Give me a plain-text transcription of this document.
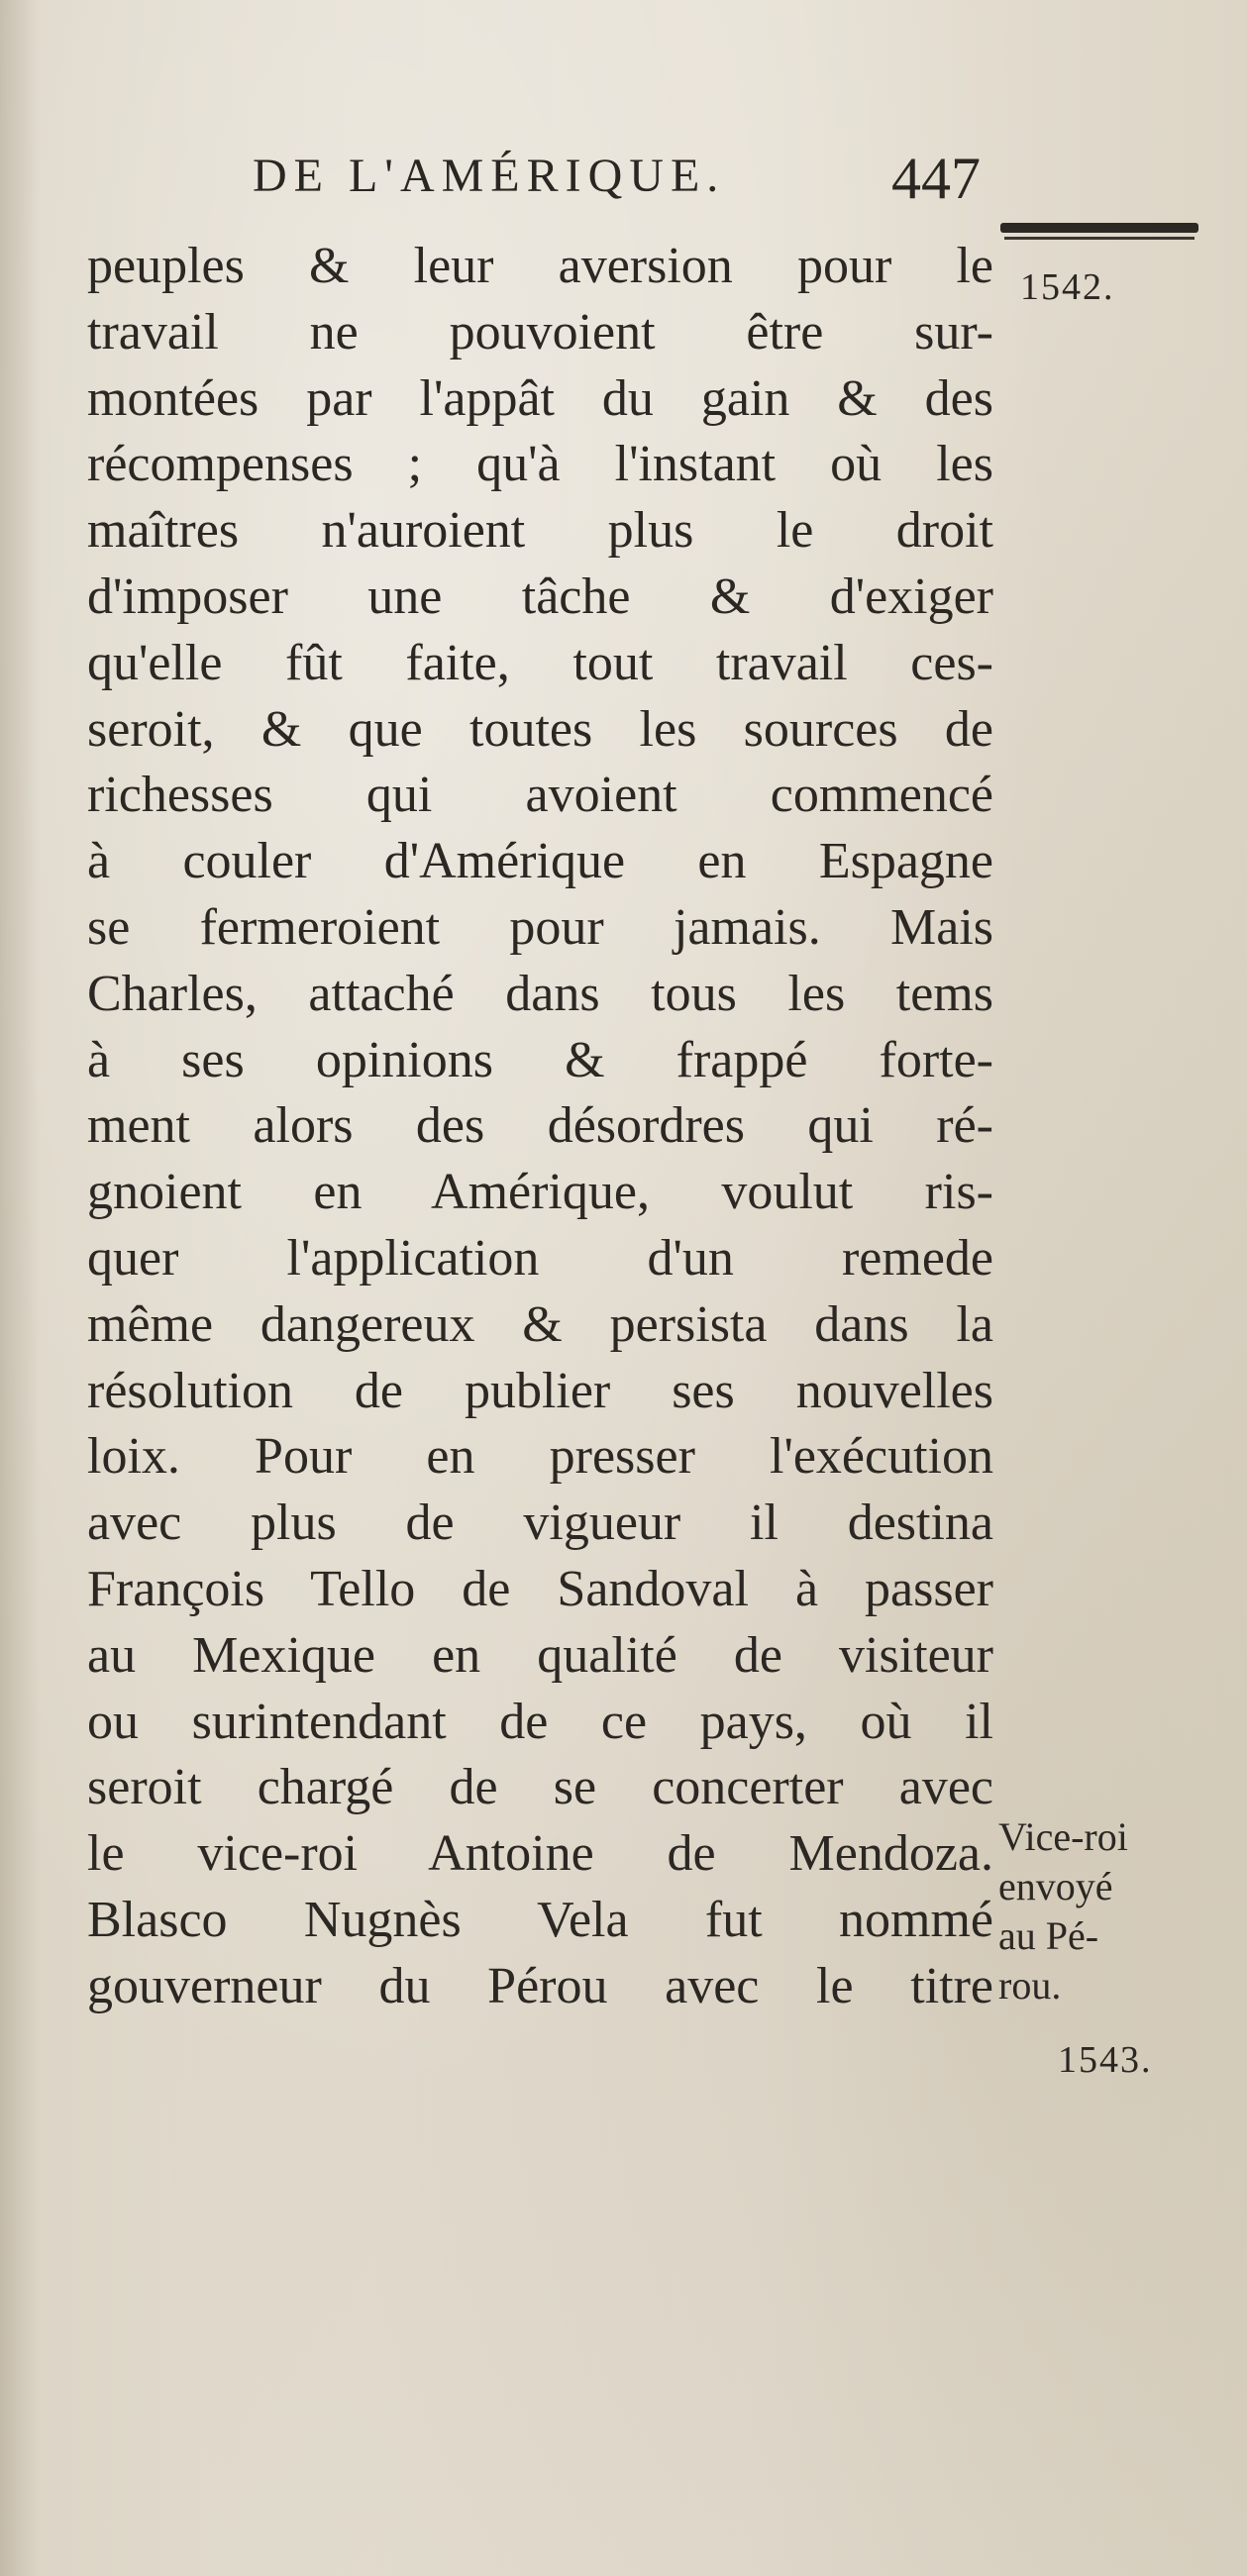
DE L'AMÉRIQUE.	447
1542.
peuples & leur aversion pour le
travail ne pouvoient être sur-
montées par l'appât du gain & des
récompenses ; qu'à l'instant où les
maîtres n'auroient plus le droit
d'imposer une tâche & d'exiger
qu'elle fût faite, tout travail ces-
seroit, & que toutes les sources de
richesses qui avoient commencé
à couler d'Amérique en Espagne
se fermeroient pour jamais. Mais
Charles, attaché dans tous les tems
à ses opinions & frappé forte-
ment alors des désordres qui ré-
gnoient en Amérique, voulut ris-
quer l'application d'un remede
même dangereux & persista dans la
résolution de publier ses nouvelles
loix. Pour en presser l'exécution
avec plus de vigueur il destina
François Tello de Sandoval à passer
au Mexique en qualité de visiteur
ou surintendant de ce pays, où il
seroit chargé de se concerter avec
le vice-roi Antoine de Mendoza.
Blasco Nugnès Vela fut nommé
gouverneur du Pérou avec le titre
Vice-roi
envoyé
au Pé-
rou.
1543.
